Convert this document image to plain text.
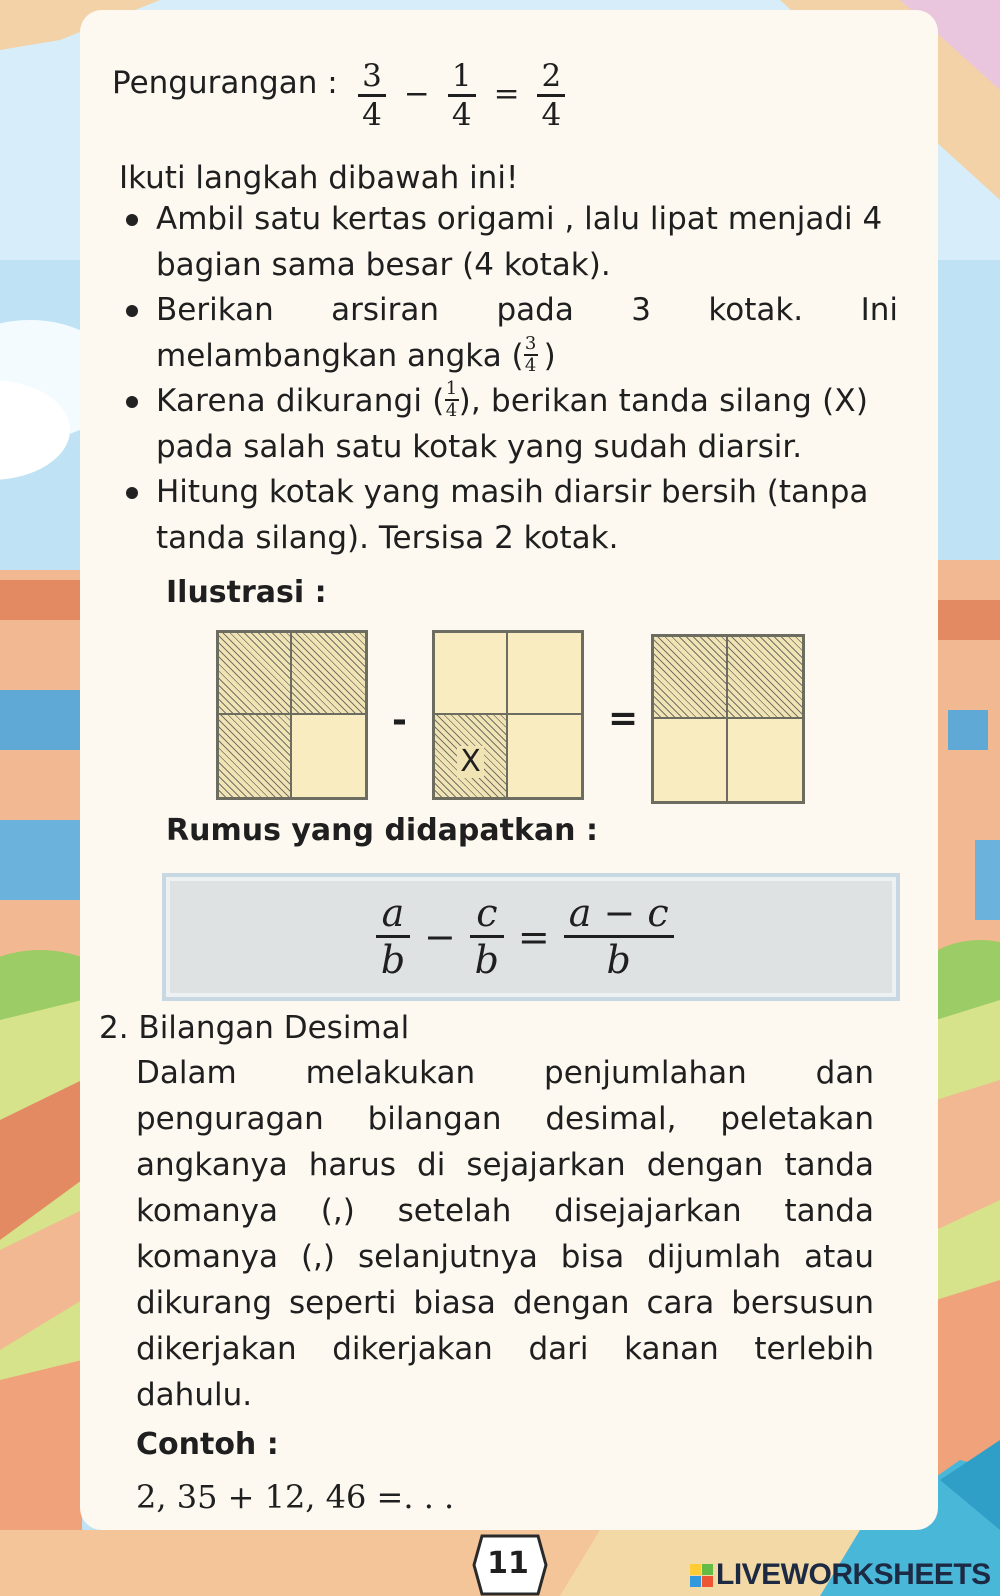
Pengurangan : $\frac{3}{4} - \frac{1}{4} = \frac{2}{4}$
Ikuti langkah dibawah ini!
Ambil satu kertas origami , lalu lipat menjadi 4
bagian sama besar (4 kotak).
Berikan arsiran pada 3 kotak. Ini
melambangkan angka ( $\frac{3}{4}$ )
Karena dikurangi ( $\frac{1}{4}$ ), berikan tanda silang (X)
pada salah satu kotak yang sudah diarsir.
Hitung kotak yang masih diarsir bersih (tanpa
tanda silang). Tersisa 2 kotak.
Ilustrasi :
-
X
=
Rumus yang didapatkan :
$\frac{a}{b} - \frac{c}{b} = \frac{a - c}{b}$
2. Bilangan Desimal
Dalam melakukan penjumlahan dan
penguragan bilangan desimal, peletakan
angkanya harus di sejajarkan dengan tanda
komanya (,) setelah disejajarkan tanda
komanya (,) selanjutnya bisa dijumlah atau
dikurang seperti biasa dengan cara bersusun
dikerjakan dikerjakan dari kanan terlebih
dahulu.
Contoh :
2, 35 + 12, 46 =. . .
11	LIVEWORKSHEETS
